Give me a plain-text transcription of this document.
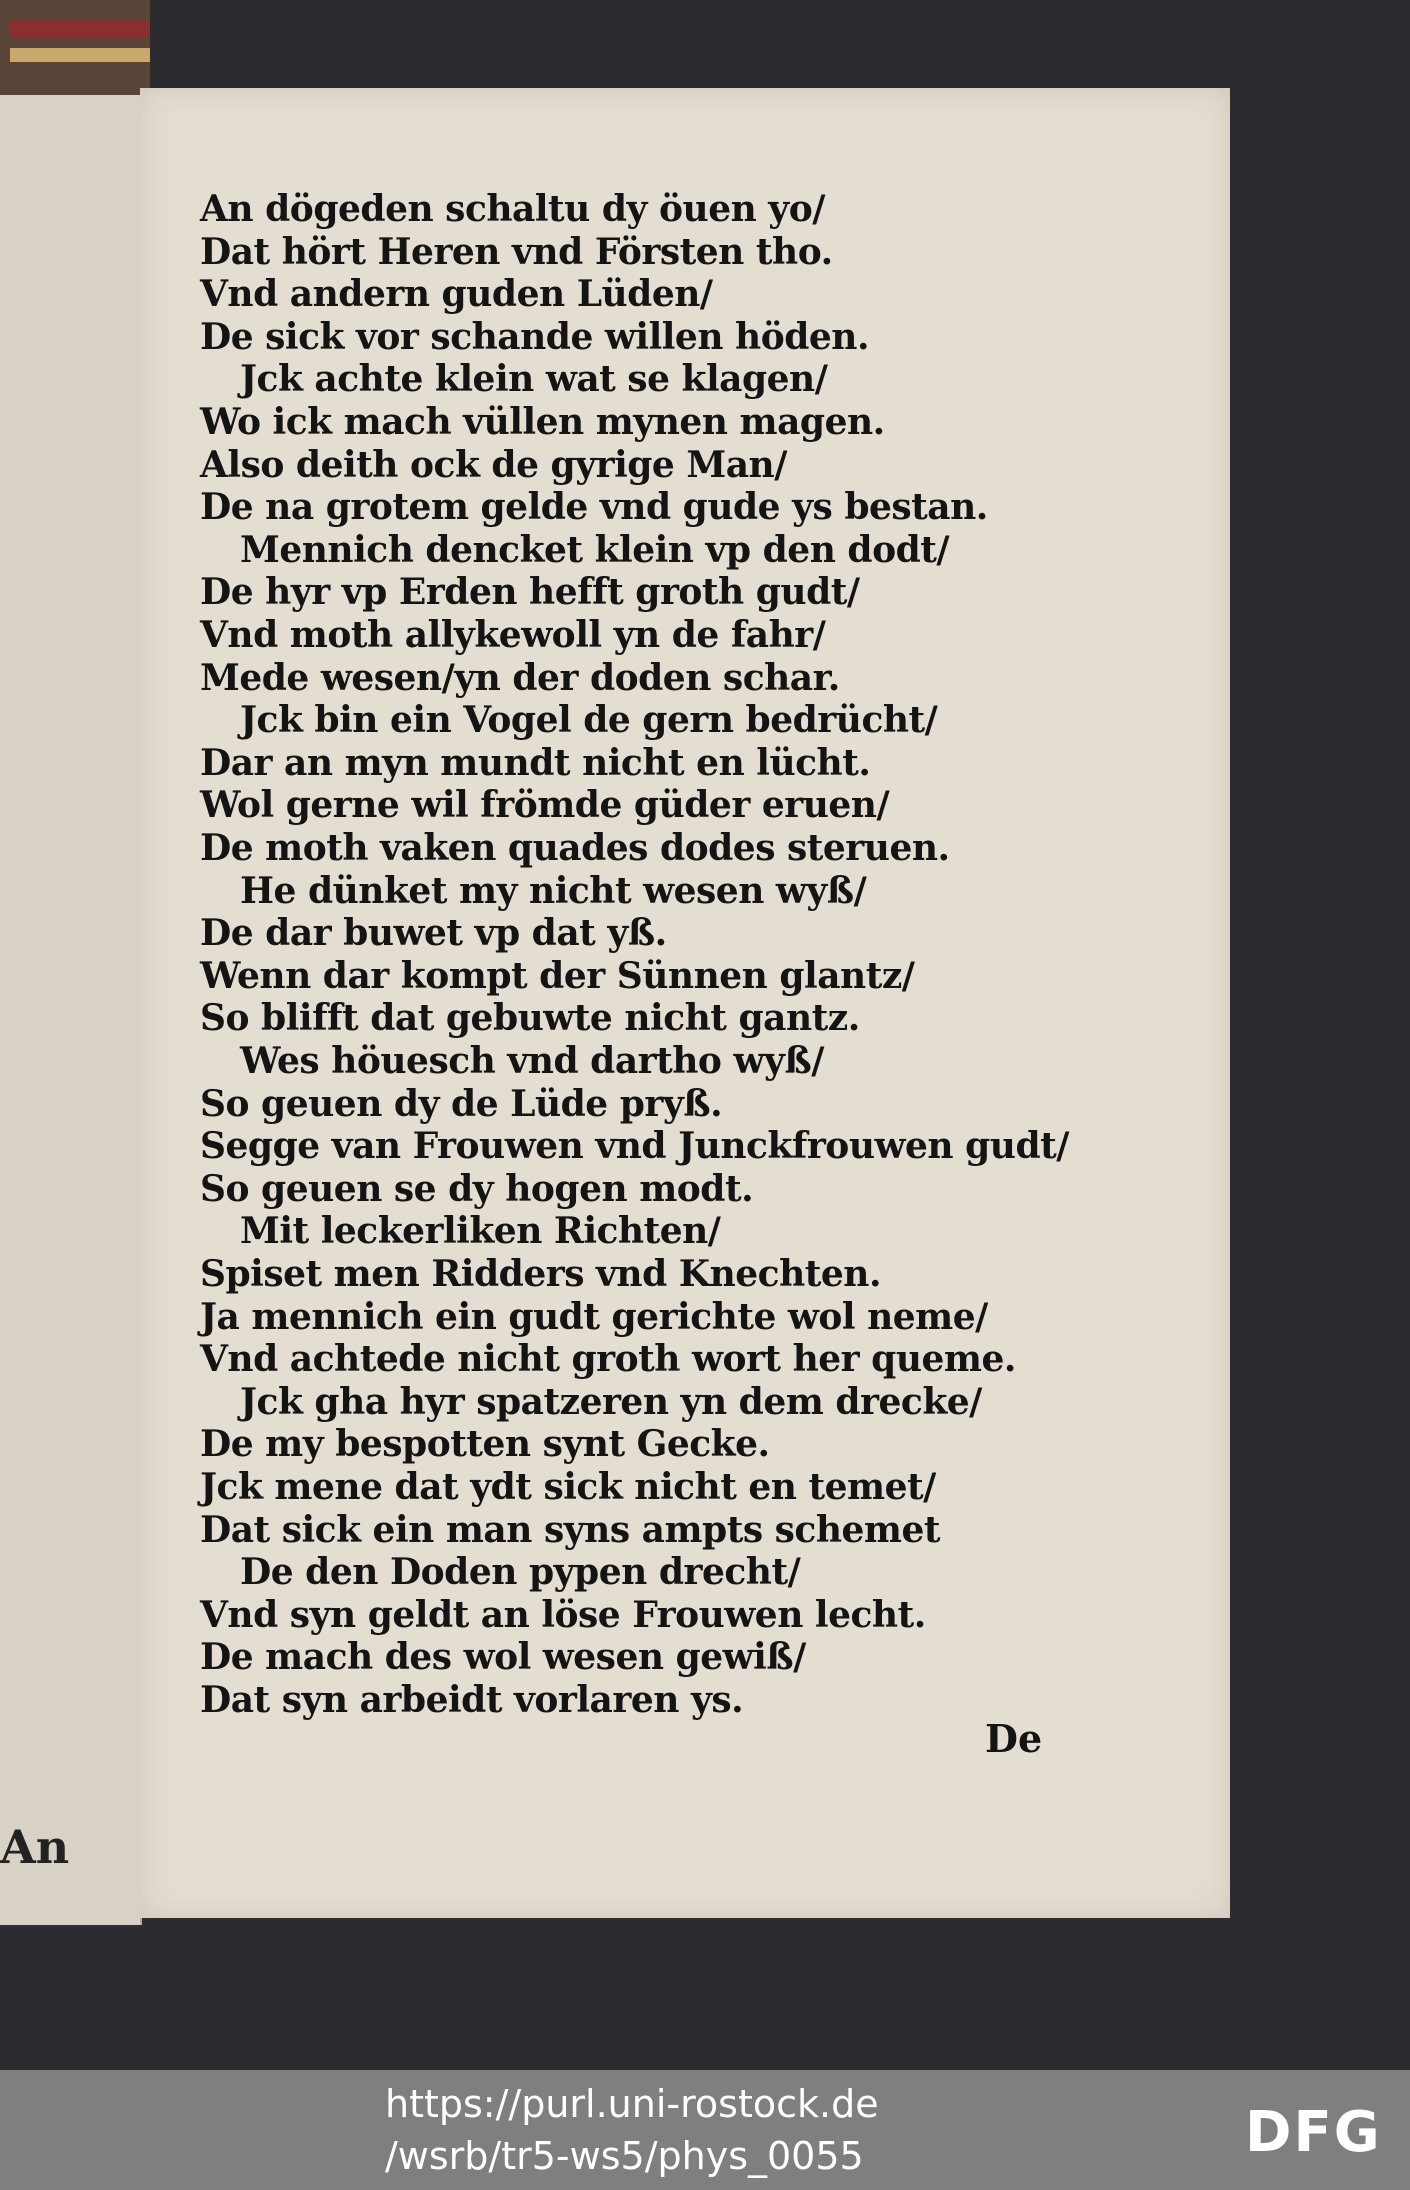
An
An dögeden schaltu dy öuen yo/
Dat hört Heren vnd Försten tho.
Vnd andern guden Lüden/
De sick vor schande willen höden.
Jck achte klein wat se klagen/
Wo ick mach vüllen mynen magen.
Also deith ock de gyrige Man/
De na grotem gelde vnd gude ys bestan.
Mennich dencket klein vp den dodt/
De hyr vp Erden hefft groth gudt/
Vnd moth allykewoll yn de fahr/
Mede wesen/yn der doden schar.
Jck bin ein Vogel de gern bedrücht/
Dar an myn mundt nicht en lücht.
Wol gerne wil frömde güder eruen/
De moth vaken quades dodes steruen.
He dünket my nicht wesen wyß/
De dar buwet vp dat yß.
Wenn dar kompt der Sünnen glantz/
So blifft dat gebuwte nicht gantz.
Wes höuesch vnd dartho wyß/
So geuen dy de Lüde pryß.
Segge van Frouwen vnd Junckfrouwen gudt/
So geuen se dy hogen modt.
Mit leckerliken Richten/
Spiset men Ridders vnd Knechten.
Ja mennich ein gudt gerichte wol neme/
Vnd achtede nicht groth wort her queme.
Jck gha hyr spatzeren yn dem drecke/
De my bespotten synt Gecke.
Jck mene dat ydt sick nicht en temet/
Dat sick ein man syns ampts schemet
De den Doden pypen drecht/
Vnd syn geldt an löse Frouwen lecht.
De mach des wol wesen gewiß/
Dat syn arbeidt vorlaren ys.
De
https://purl.uni-rostock.de
/wsrb/tr5-ws5/phys_0055	DFG
